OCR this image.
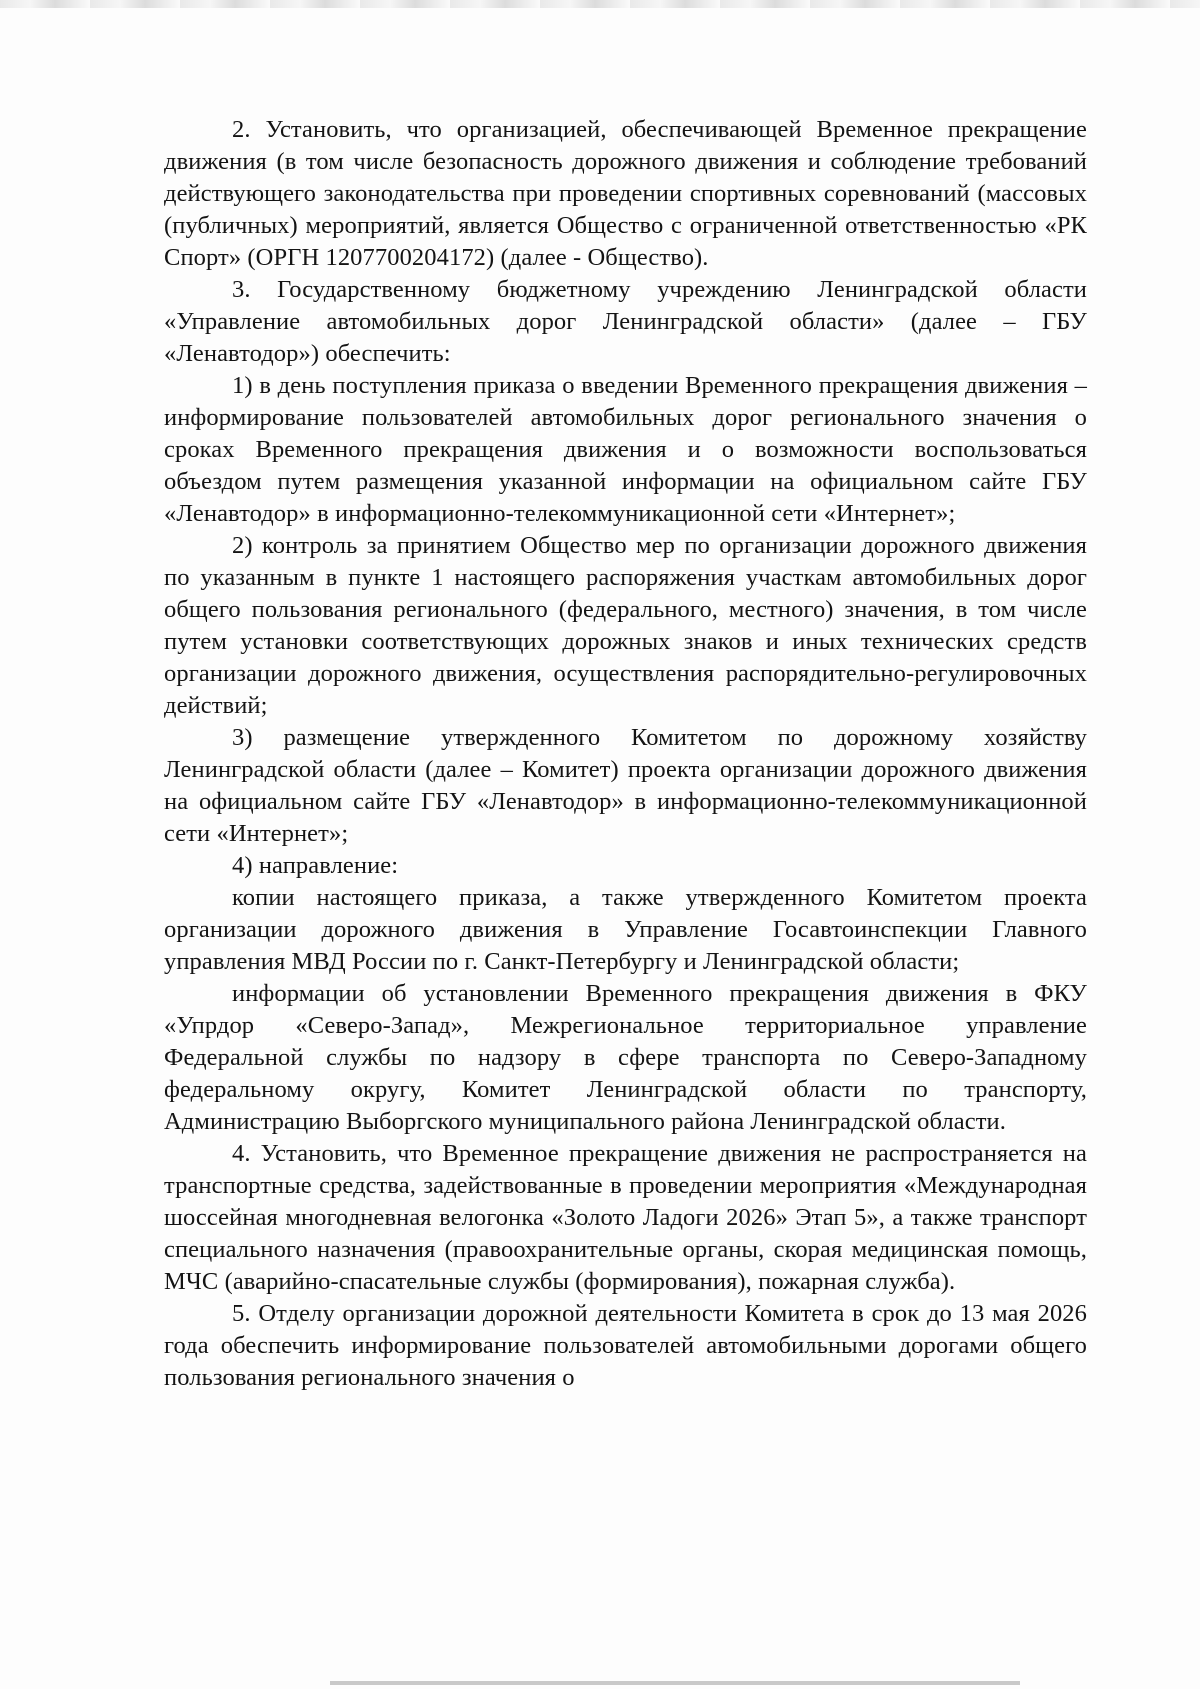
2. Установить, что организацией, обеспечивающей Временное прекращение движения (в том числе безопасность дорожного движения и соблюдение требований действующего законодательства при проведении спортивных соревнований (массовых (публичных) мероприятий, является Общество с ограниченной ответственностью «РК Спорт» (ОРГН 1207700204172) (далее - Общество).

3. Государственному бюджетному учреждению Ленинградской области «Управление автомобильных дорог Ленинградской области» (далее – ГБУ «Ленавтодор») обеспечить:

1) в день поступления приказа о введении Временного прекращения движения – информирование пользователей автомобильных дорог регионального значения о сроках Временного прекращения движения и о возможности воспользоваться объездом путем размещения указанной информации на официальном сайте ГБУ «Ленавтодор» в информационно-телекоммуникационной сети «Интернет»;

2) контроль за принятием Общество мер по организации дорожного движения по указанным в пункте 1 настоящего распоряжения участкам автомобильных дорог общего пользования регионального (федерального, местного) значения, в том числе путем установки соответствующих дорожных знаков и иных технических средств организации дорожного движения, осуществления распорядительно-регулировочных действий;

3) размещение утвержденного Комитетом по дорожному хозяйству Ленинградской области (далее – Комитет) проекта организации дорожного движения на официальном сайте ГБУ «Ленавтодор» в информационно-телекоммуникационной сети «Интернет»;

4) направление:

копии настоящего приказа, а также утвержденного Комитетом проекта организации дорожного движения в Управление Госавтоинспекции Главного управления МВД России по г. Санкт-Петербургу и Ленинградской области;

информации об установлении Временного прекращения движения в ФКУ «Упрдор «Северо-Запад», Межрегиональное территориальное управление Федеральной службы по надзору в сфере транспорта по Северо-Западному федеральному округу, Комитет Ленинградской области по транспорту, Администрацию Выборгского муниципального района Ленинградской области.

4. Установить, что Временное прекращение движения не распространяется на транспортные средства, задействованные в проведении мероприятия «Международная шоссейная многодневная велогонка «Золото Ладоги 2026» Этап 5», а также транспорт специального назначения (правоохранительные органы, скорая медицинская помощь, МЧС (аварийно-спасательные службы (формирования), пожарная служба).

5. Отделу организации дорожной деятельности Комитета в срок до 13 мая 2026 года обеспечить информирование пользователей автомобильными дорогами общего пользования регионального значения о
